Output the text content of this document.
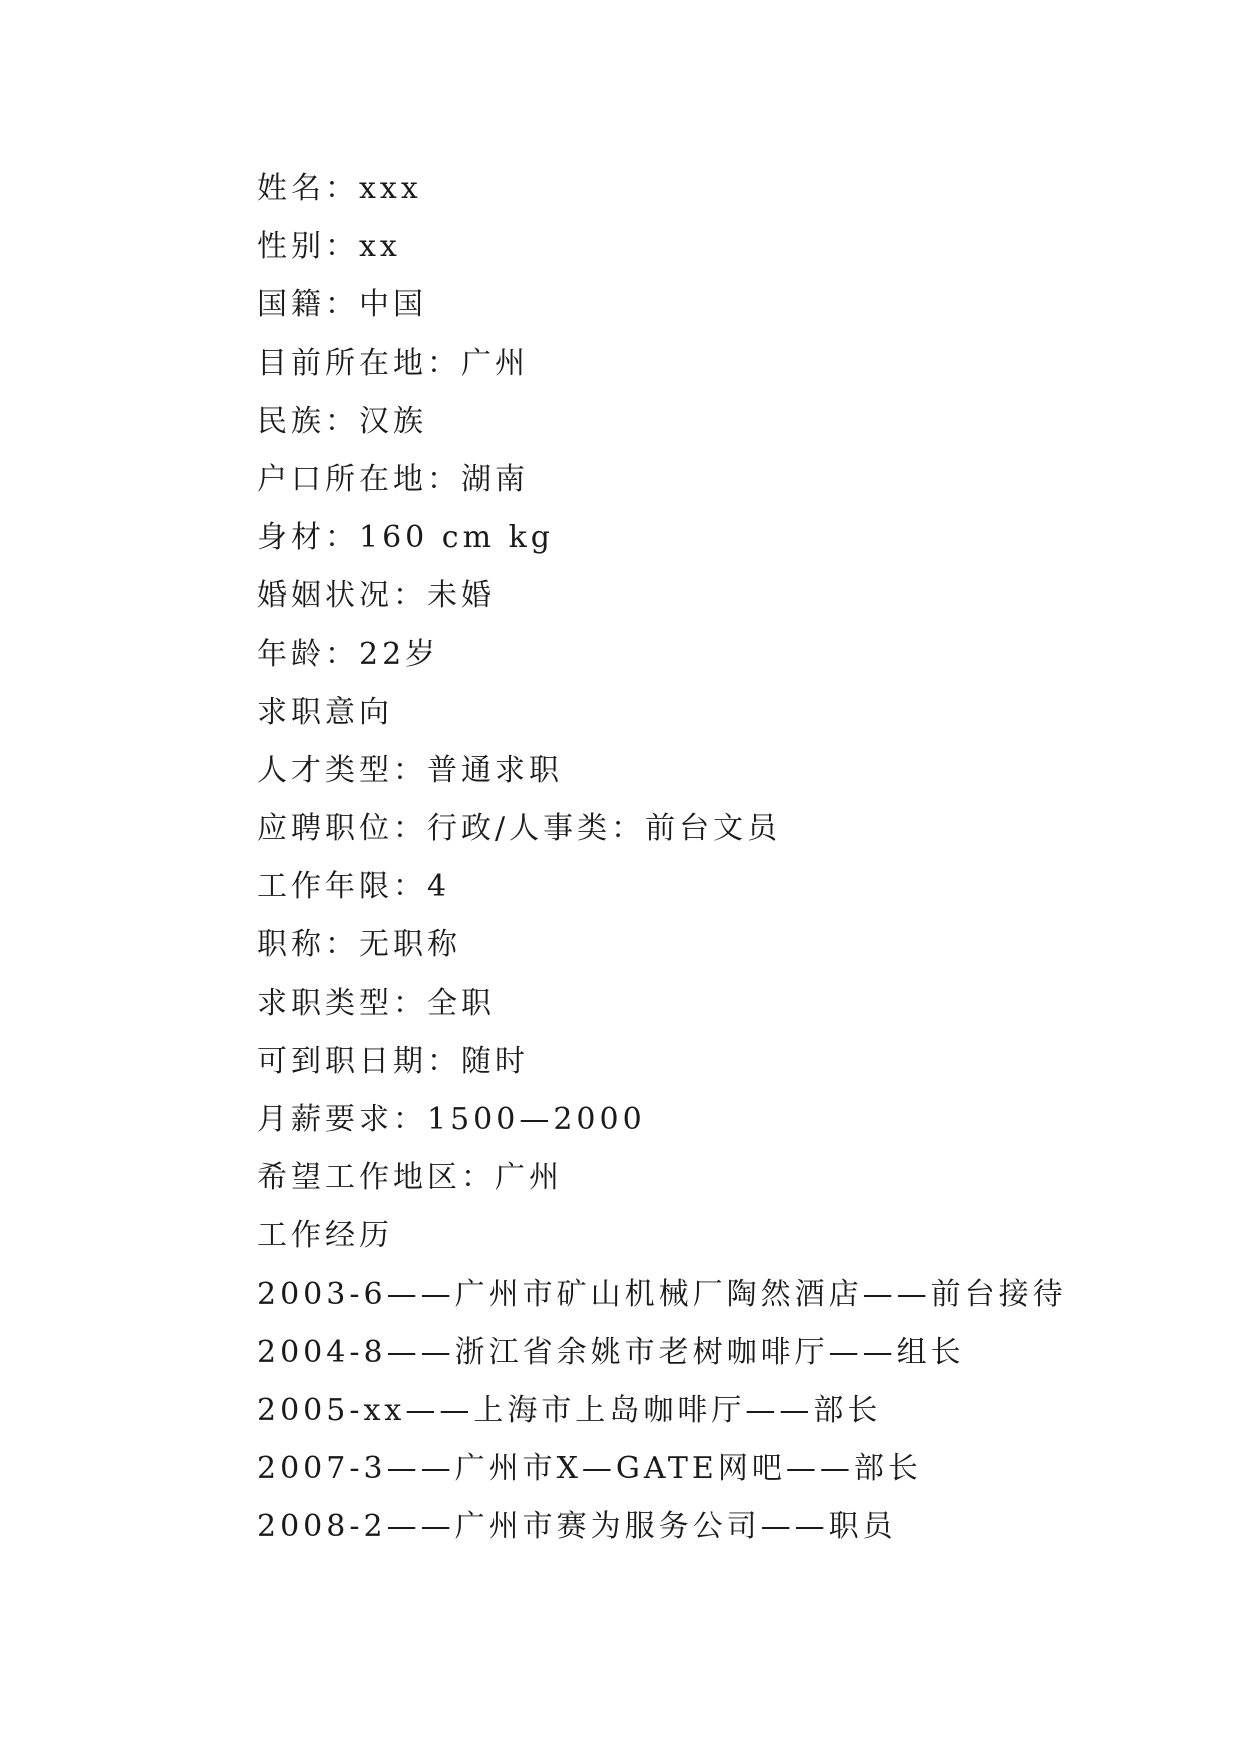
姓名：xxx
性别：xx
国籍：中国
目前所在地：广州
民族：汉族
户口所在地：湖南
身材：160 cm kg
婚姻状况：未婚
年龄：22岁
求职意向
人才类型：普通求职
应聘职位：行政/人事类：前台文员
工作年限：4
职称：无职称
求职类型：全职
可到职日期：随时
月薪要求：1500—2000
希望工作地区：广州
工作经历
2003-6——广州市矿山机械厂陶然酒店——前台接待
2004-8——浙江省余姚市老树咖啡厅——组长
2005-xx——上海市上岛咖啡厅——部长
2007-3——广州市X—GATE网吧——部长
2008-2——广州市赛为服务公司——职员
